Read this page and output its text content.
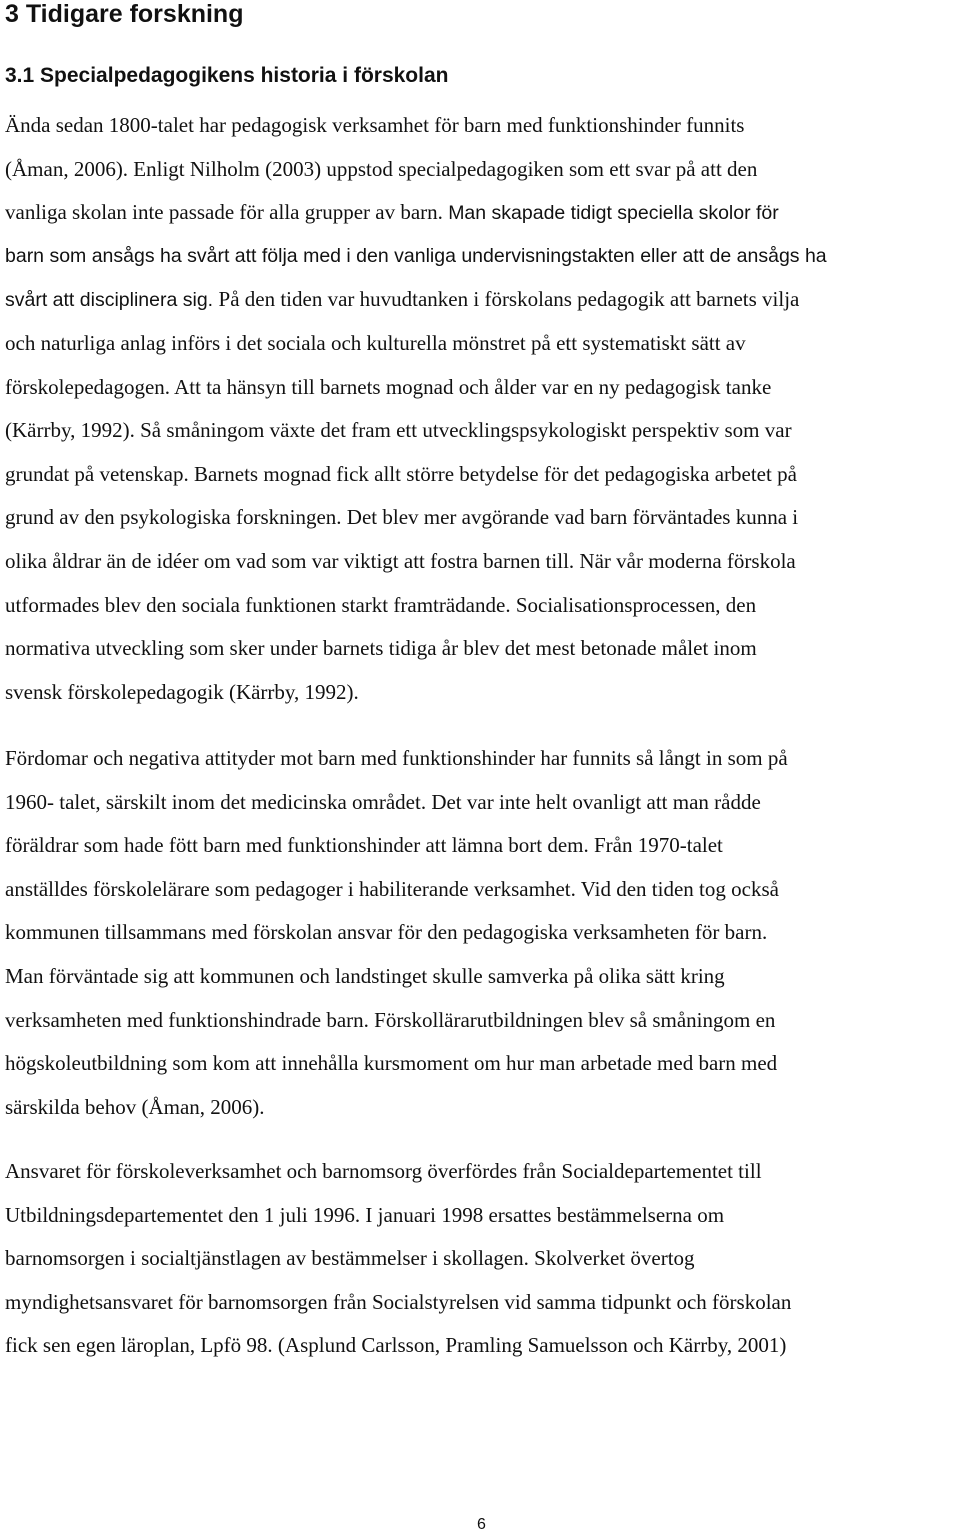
3 Tidigare forskning
3.1 Specialpedagogikens historia i förskolan
Ända sedan 1800-talet har pedagogisk verksamhet för barn med funktionshinder funnits
(Åman, 2006). Enligt Nilholm (2003) uppstod specialpedagogiken som ett svar på att den
vanliga skolan inte passade för alla grupper av barn. Man skapade tidigt speciella skolor för
barn som ansågs ha svårt att följa med i den vanliga undervisningstakten eller att de ansågs ha
svårt att disciplinera sig. På den tiden var huvudtanken i förskolans pedagogik att barnets vilja
och naturliga anlag införs i det sociala och kulturella mönstret på ett systematiskt sätt av
förskolepedagogen. Att ta hänsyn till barnets mognad och ålder var en ny pedagogisk tanke
(Kärrby, 1992). Så småningom växte det fram ett utvecklingspsykologiskt perspektiv som var
grundat på vetenskap. Barnets mognad fick allt större betydelse för det pedagogiska arbetet på
grund av den psykologiska forskningen. Det blev mer avgörande vad barn förväntades kunna i
olika åldrar än de idéer om vad som var viktigt att fostra barnen till. När vår moderna förskola
utformades blev den sociala funktionen starkt framträdande. Socialisationsprocessen, den
normativa utveckling som sker under barnets tidiga år blev det mest betonade målet inom
svensk förskolepedagogik (Kärrby, 1992).
Fördomar och negativa attityder mot barn med funktionshinder har funnits så långt in som på
1960- talet, särskilt inom det medicinska området. Det var inte helt ovanligt att man rådde
föräldrar som hade fött barn med funktionshinder att lämna bort dem. Från 1970-talet
anställdes förskolelärare som pedagoger i habiliterande verksamhet. Vid den tiden tog också
kommunen tillsammans med förskolan ansvar för den pedagogiska verksamheten för barn.
Man förväntade sig att kommunen och landstinget skulle samverka på olika sätt kring
verksamheten med funktionshindrade barn. Förskollärarutbildningen blev så småningom en
högskoleutbildning som kom att innehålla kursmoment om hur man arbetade med barn med
särskilda behov (Åman, 2006).
Ansvaret för förskoleverksamhet och barnomsorg överfördes från Socialdepartementet till
Utbildningsdepartementet den 1 juli 1996. I januari 1998 ersattes bestämmelserna om
barnomsorgen i socialtjänstlagen av bestämmelser i skollagen. Skolverket övertog
myndighetsansvaret för barnomsorgen från Socialstyrelsen vid samma tidpunkt och förskolan
fick sen egen läroplan, Lpfö 98. (Asplund Carlsson, Pramling Samuelsson och Kärrby, 2001)
6
